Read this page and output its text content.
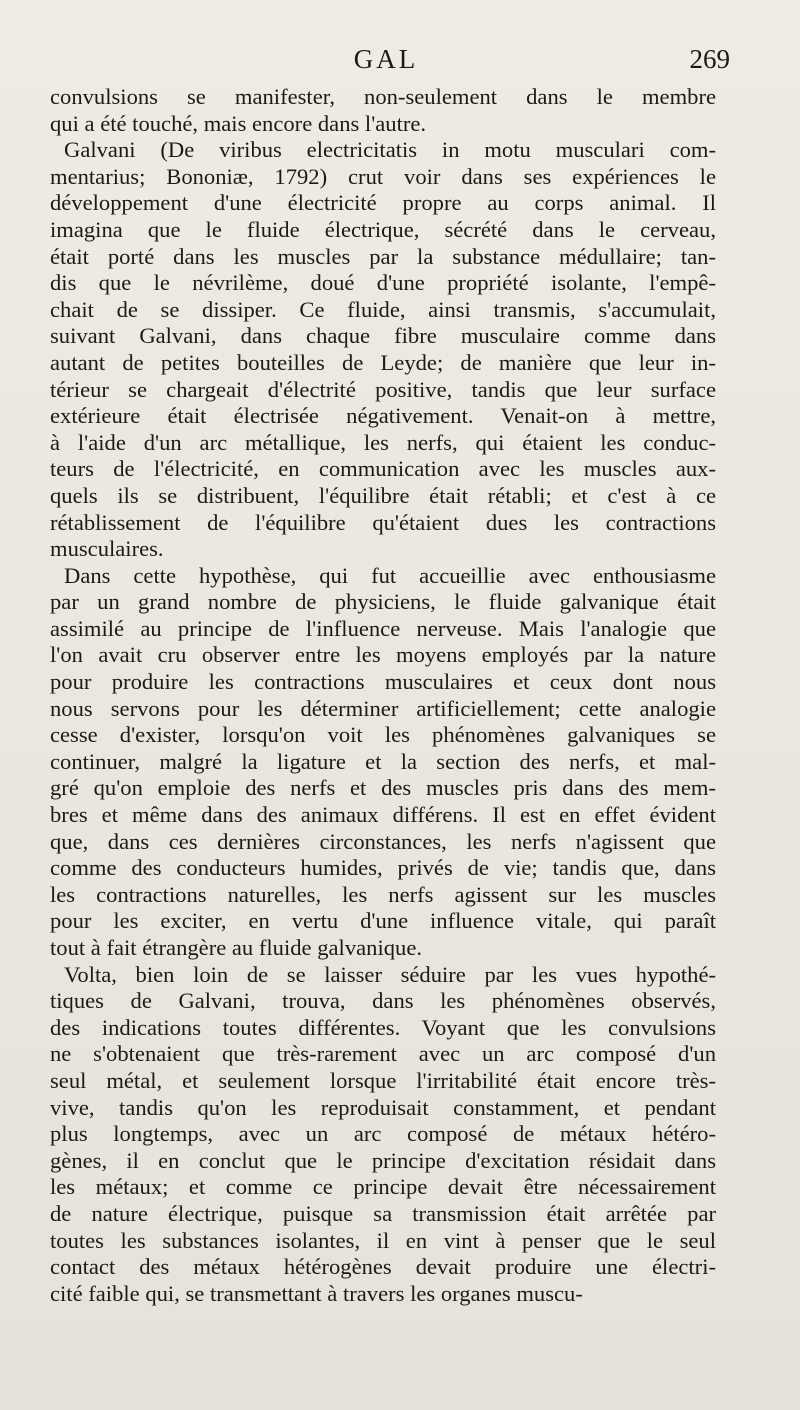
GAL	269
convulsions se manifester, non-seulement dans le membre
qui a été touché, mais encore dans l'autre.
Galvani (De viribus electricitatis in motu musculari com-
mentarius; Bononiæ, 1792) crut voir dans ses expériences le
développement d'une électricité propre au corps animal. Il
imagina que le fluide électrique, sécrété dans le cerveau,
était porté dans les muscles par la substance médullaire; tan-
dis que le névrilème, doué d'une propriété isolante, l'empê-
chait de se dissiper. Ce fluide, ainsi transmis, s'accumulait,
suivant Galvani, dans chaque fibre musculaire comme dans
autant de petites bouteilles de Leyde; de manière que leur in-
térieur se chargeait d'électrité positive, tandis que leur surface
extérieure était électrisée négativement. Venait-on à mettre,
à l'aide d'un arc métallique, les nerfs, qui étaient les conduc-
teurs de l'électricité, en communication avec les muscles aux-
quels ils se distribuent, l'équilibre était rétabli; et c'est à ce
rétablissement de l'équilibre qu'étaient dues les contractions
musculaires.
Dans cette hypothèse, qui fut accueillie avec enthousiasme
par un grand nombre de physiciens, le fluide galvanique était
assimilé au principe de l'influence nerveuse. Mais l'analogie que
l'on avait cru observer entre les moyens employés par la nature
pour produire les contractions musculaires et ceux dont nous
nous servons pour les déterminer artificiellement; cette analogie
cesse d'exister, lorsqu'on voit les phénomènes galvaniques se
continuer, malgré la ligature et la section des nerfs, et mal-
gré qu'on emploie des nerfs et des muscles pris dans des mem-
bres et même dans des animaux différens. Il est en effet évident
que, dans ces dernières circonstances, les nerfs n'agissent que
comme des conducteurs humides, privés de vie; tandis que, dans
les contractions naturelles, les nerfs agissent sur les muscles
pour les exciter, en vertu d'une influence vitale, qui paraît
tout à fait étrangère au fluide galvanique.
Volta, bien loin de se laisser séduire par les vues hypothé-
tiques de Galvani, trouva, dans les phénomènes observés,
des indications toutes différentes. Voyant que les convulsions
ne s'obtenaient que très-rarement avec un arc composé d'un
seul métal, et seulement lorsque l'irritabilité était encore très-
vive, tandis qu'on les reproduisait constamment, et pendant
plus longtemps, avec un arc composé de métaux hétéro-
gènes, il en conclut que le principe d'excitation résidait dans
les métaux; et comme ce principe devait être nécessairement
de nature électrique, puisque sa transmission était arrêtée par
toutes les substances isolantes, il en vint à penser que le seul
contact des métaux hétérogènes devait produire une électri-
cité faible qui, se transmettant à travers les organes muscu-
